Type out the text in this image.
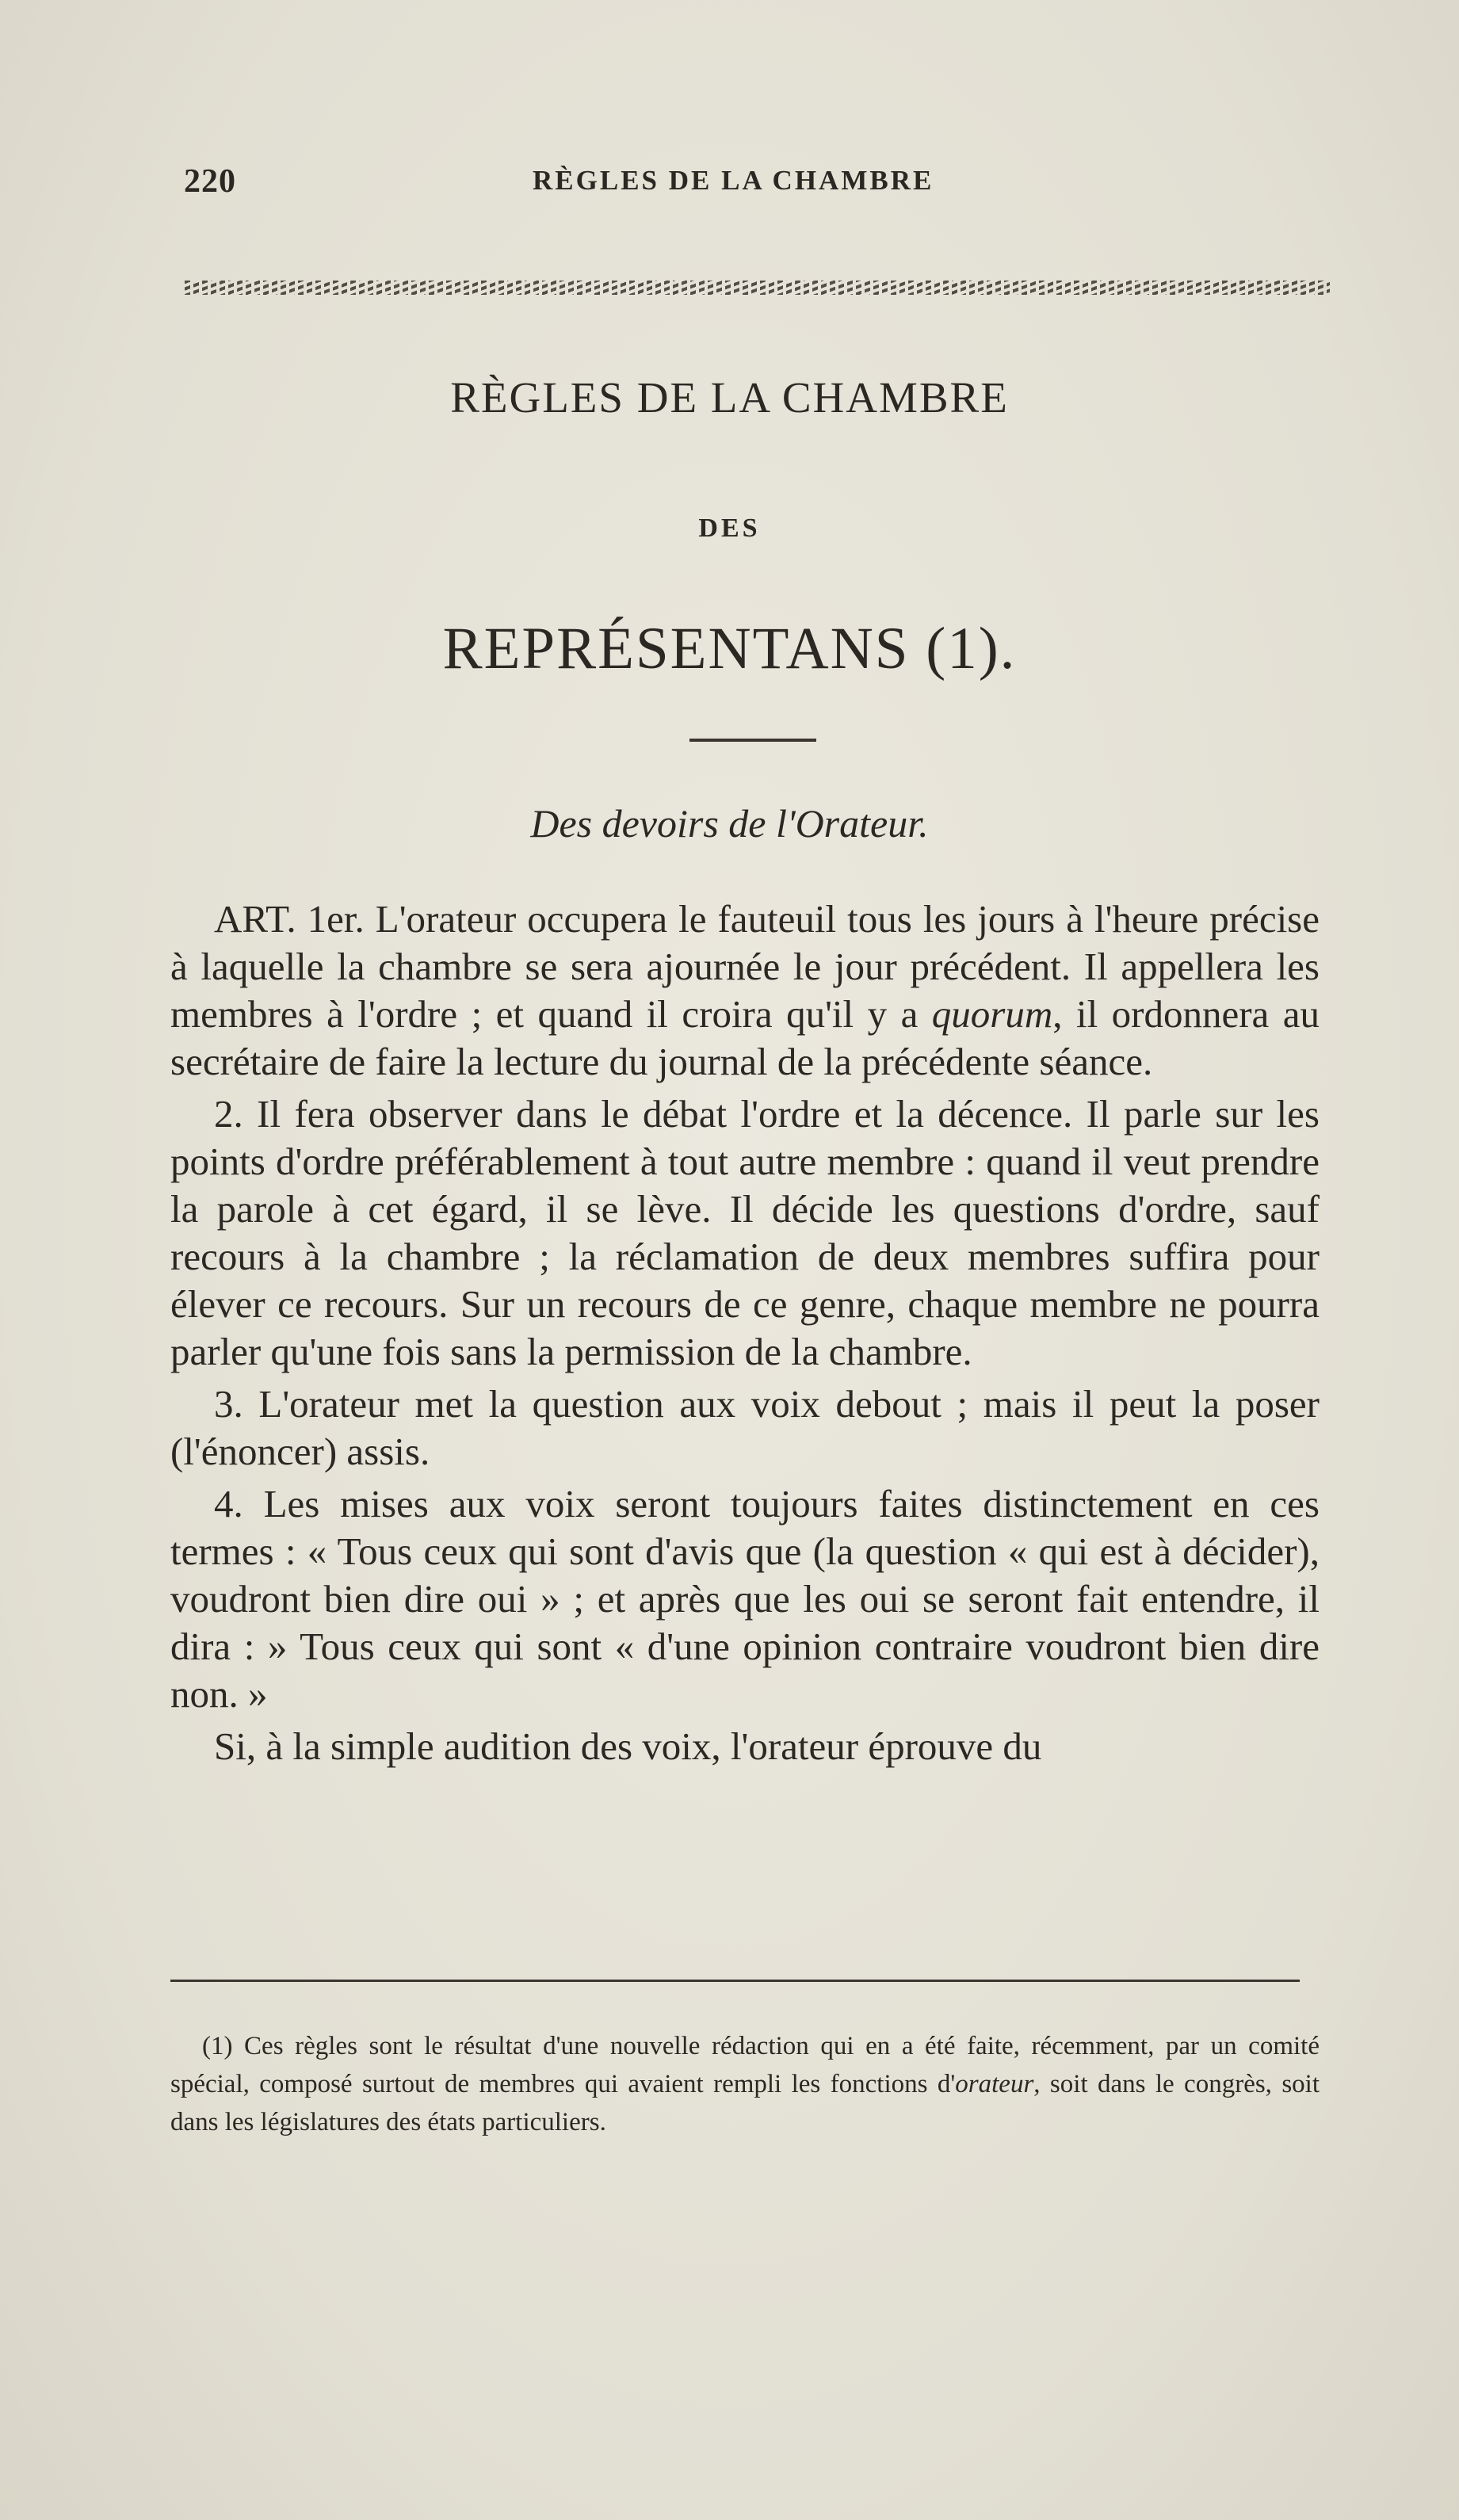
220	RÈGLES DE LA CHAMBRE
RÈGLES DE LA CHAMBRE
DES
REPRÉSENTANS (1).
Des devoirs de l'Orateur.

ART. 1er. L'orateur occupera le fauteuil tous les jours à l'heure précise à laquelle la chambre se sera ajournée le jour précédent. Il appellera les membres à l'ordre ; et quand il croira qu'il y a quorum, il ordonnera au secrétaire de faire la lecture du journal de la précédente séance.

2. Il fera observer dans le débat l'ordre et la décence. Il parle sur les points d'ordre préférablement à tout autre membre : quand il veut prendre la parole à cet égard, il se lève. Il décide les questions d'ordre, sauf recours à la chambre ; la réclamation de deux membres suffira pour élever ce recours. Sur un recours de ce genre, chaque membre ne pourra parler qu'une fois sans la permission de la chambre.

3. L'orateur met la question aux voix debout ; mais il peut la poser (l'énoncer) assis.

4. Les mises aux voix seront toujours faites distinctement en ces termes : « Tous ceux qui sont d'avis que (la question « qui est à décider), voudront bien dire oui » ; et après que les oui se seront fait entendre, il dira : » Tous ceux qui sont « d'une opinion contraire voudront bien dire non. »

Si, à la simple audition des voix, l'orateur éprouve du

(1) Ces règles sont le résultat d'une nouvelle rédaction qui en a été faite, récemment, par un comité spécial, composé surtout de membres qui avaient rempli les fonctions d'orateur, soit dans le congrès, soit dans les législatures des états particuliers.
